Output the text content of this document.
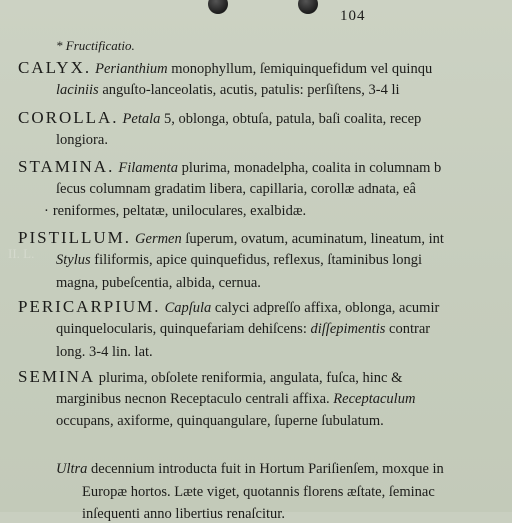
104
* Fructificatio.
CALYX. Perianthium monophyllum, ſemiquinquefidum vel quinqu
laciniis anguſto-lanceolatis, acutis, patulis: perſiſtens, 3-4 li
COROLLA. Petala 5, oblonga, obtuſa, patula, baſi coalita, recep
longiora.
STAMINA. Filamenta plurima, monadelpha, coalita in columnam b
ſecus columnam gradatim libera, capillaria, corollæ adnata, eâ
· reniformes, peltatæ, uniloculares, exalbidæ.
II. L.
PISTILLUM. Germen ſuperum, ovatum, acuminatum, lineatum, int
Stylus filiformis, apice quinquefidus, reflexus, ſtaminibus longi
magna, pubeſcentia, albida, cernua.
PERICARPIUM. Capſula calyci adpreſſo affixa, oblonga, acumir
quinquelocularis, quinquefariam dehiſcens: diſſepimentis contrar
long. 3-4 lin. lat.
SEMINA plurima, obſolete reniformia, angulata, fuſca, hinc &
marginibus necnon Receptaculo centrali affixa. Receptaculum
occupans, axiforme, quinquangulare, ſuperne ſubulatum.
Ultra decennium introducta fuit in Hortum Pariſienſem, moxque in
Europæ hortos. Læte viget, quotannis florens æſtate, ſeminac
inſequenti anno libertius renaſcitur.
